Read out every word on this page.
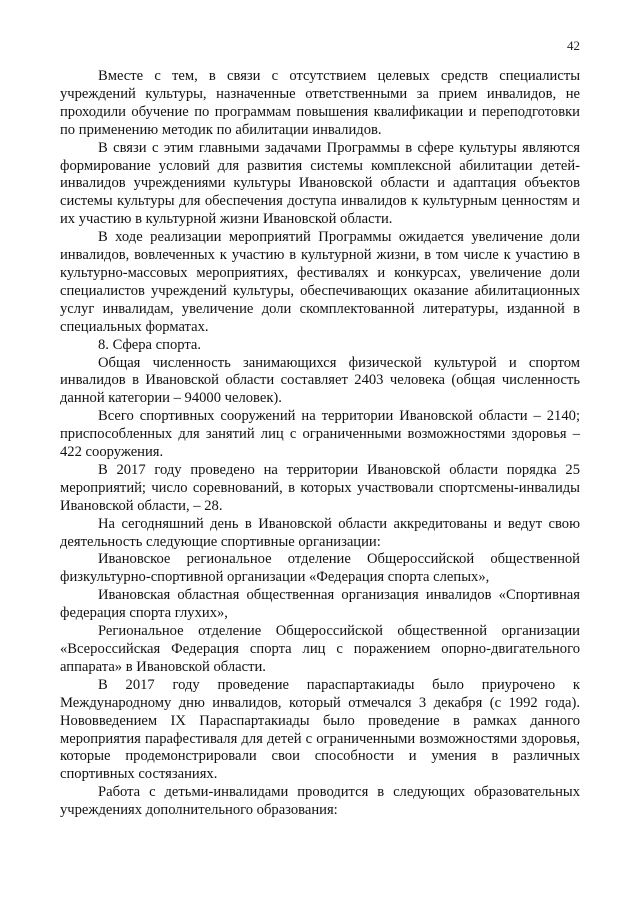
42

Вместе с тем, в связи с отсутствием целевых средств специалисты учреждений культуры, назначенные ответственными за прием инвалидов, не проходили обучение по программам повышения квалификации и переподготовки по применению методик по абилитации инвалидов.

В связи с этим главными задачами Программы в сфере культуры являются формирование условий для развития системы комплексной абилитации детей-инвалидов учреждениями культуры Ивановской области и адаптация объектов системы культуры для обеспечения доступа инвалидов к культурным ценностям и их участию в культурной жизни Ивановской области.

В ходе реализации мероприятий Программы ожидается увеличение доли инвалидов, вовлеченных к участию в культурной жизни, в том числе к участию в культурно-массовых мероприятиях, фестивалях и конкурсах, увеличение доли специалистов учреждений культуры, обеспечивающих оказание абилитационных услуг инвалидам, увеличение доли скомплектованной литературы, изданной в специальных форматах.

8. Сфера спорта.

Общая численность занимающихся физической культурой и спортом инвалидов в Ивановской области составляет 2403 человека (общая численность данной категории – 94000 человек).

Всего спортивных сооружений на территории Ивановской области – 2140; приспособленных для занятий лиц с ограниченными возможностями здоровья – 422 сооружения.

В 2017 году проведено на территории Ивановской области порядка 25 мероприятий; число соревнований, в которых участвовали спортсмены-инвалиды Ивановской области, – 28.

На сегодняшний день в Ивановской области аккредитованы и ведут свою деятельность следующие спортивные организации:

Ивановское региональное отделение Общероссийской общественной физкультурно-спортивной организации «Федерация спорта слепых»,

Ивановская областная общественная организация инвалидов «Спортивная федерация спорта глухих»,

Региональное отделение Общероссийской общественной организации «Всероссийская Федерация спорта лиц с поражением опорно-двигательного аппарата» в Ивановской области.

В 2017 году проведение параспартакиады было приурочено к Международному дню инвалидов, который отмечался 3 декабря (с 1992 года). Нововведением IX Параспартакиады было проведение в рамках данного мероприятия парафестиваля для детей с ограниченными возможностями здоровья, которые продемонстрировали свои способности и умения в различных спортивных состязаниях.

Работа с детьми-инвалидами проводится в следующих образовательных учреждениях дополнительного образования:
